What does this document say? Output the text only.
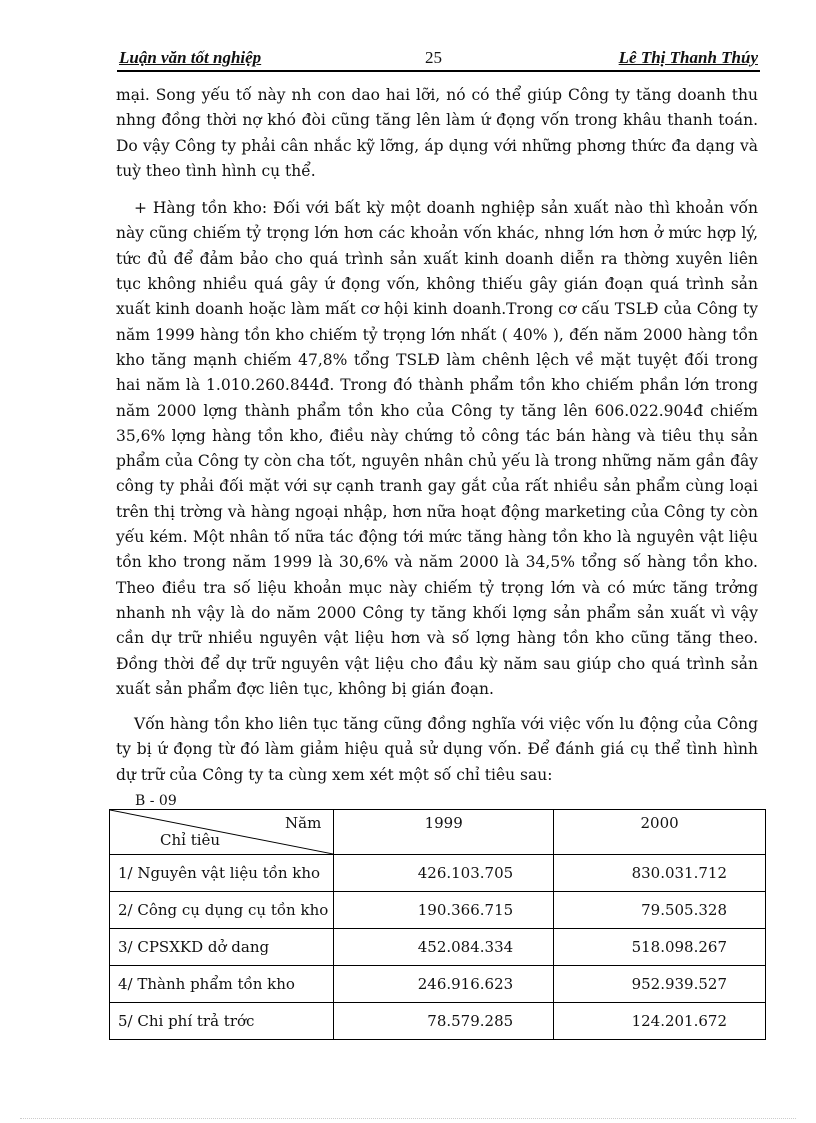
Luận văn tốt nghiệp	25	Lê Thị Thanh Thúy

mại. Song yếu tố này nh con dao hai lỡi, nó có thể giúp Công ty tăng doanh thu nhng đồng thời nợ khó đòi cũng tăng lên làm ứ đọng vốn trong khâu thanh toán. Do vậy Công ty phải cân nhắc kỹ lỡng, áp dụng với những phơng thức đa dạng và tuỳ theo tình hình cụ thể.

+ Hàng tồn kho: Đối với bất kỳ một doanh nghiệp sản xuất nào thì khoản vốn này cũng chiếm tỷ trọng lớn hơn các khoản vốn khác, nhng lớn hơn ở mức hợp lý, tức đủ để đảm bảo cho quá trình sản xuất kinh doanh diễn ra thờng xuyên liên tục không nhiều quá gây ứ đọng vốn, không thiếu gây gián đoạn quá trình sản xuất kinh doanh hoặc làm mất cơ hội kinh doanh.Trong cơ cấu TSLĐ của Công ty năm 1999 hàng tồn kho chiếm tỷ trọng lớn nhất ( 40% ), đến năm 2000 hàng tồn kho tăng mạnh chiếm 47,8% tổng TSLĐ làm chênh lệch về mặt tuyệt đối trong hai năm là 1.010.260.844đ. Trong đó thành phẩm tồn kho chiếm phần lớn trong năm 2000 lợng thành phẩm tồn kho của Công ty tăng lên 606.022.904đ chiếm 35,6% lợng hàng tồn kho, điều này chứng tỏ công tác bán hàng và tiêu thụ sản phẩm của Công ty còn cha tốt, nguyên nhân chủ yếu là trong những năm gần đây công ty phải đối mặt với sự cạnh tranh gay gắt của rất nhiều sản phẩm cùng loại trên thị trờng và hàng ngoại nhập, hơn nữa hoạt động marketing của Công ty còn yếu kém. Một nhân tố nữa tác động tới mức tăng hàng tồn kho là nguyên vật liệu tồn kho trong năm 1999 là 30,6% và năm 2000 là 34,5% tổng số hàng tồn kho. Theo điều tra số liệu khoản mục này chiếm tỷ trọng lớn và có mức tăng trởng nhanh nh vậy là do năm 2000 Công ty tăng khối lợng sản phẩm sản xuất vì vậy cần dự trữ nhiều nguyên vật liệu hơn và số lợng hàng tồn kho cũng tăng theo. Đồng thời để dự trữ nguyên vật liệu cho đầu kỳ năm sau giúp cho quá trình sản xuất sản phẩm đợc liên tục, không bị gián đoạn.

Vốn hàng tồn kho liên tục tăng cũng đồng nghĩa với việc vốn lu động của Công ty bị ứ đọng từ đó làm giảm hiệu quả sử dụng vốn. Để đánh giá cụ thể tình hình dự trữ của Công ty ta cùng xem xét một số chỉ tiêu sau:

B - 09
Năm
Chỉ tiêu	1999	2000
1/ Nguyên vật liệu tồn kho	426.103.705	830.031.712
2/ Công cụ dụng cụ tồn kho	190.366.715	79.505.328
3/ CPSXKD dở dang	452.084.334	518.098.267
4/ Thành phẩm tồn kho	246.916.623	952.939.527
5/ Chi phí trả trớc	78.579.285	124.201.672
